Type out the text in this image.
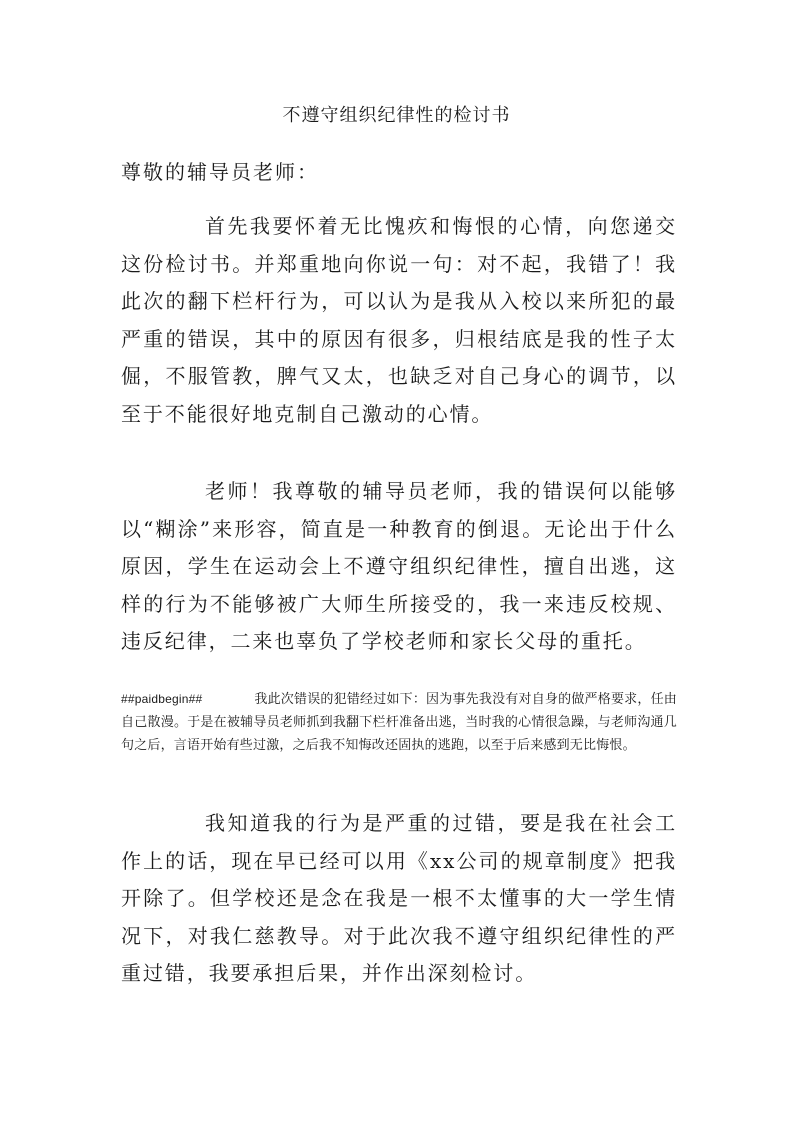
不遵守组织纪律性的检讨书
尊敬的辅导员老师：

首先我要怀着无比愧疚和悔恨的心情，向您递交这份检讨书。并郑重地向你说一句：对不起，我错了！我此次的翻下栏杆行为，可以认为是我从入校以来所犯的最严重的错误，其中的原因有很多，归根结底是我的性子太倔，不服管教，脾气又太，也缺乏对自己身心的调节，以至于不能很好地克制自己激动的心情。

老师！我尊敬的辅导员老师，我的错误何以能够以“糊涂”来形容，简直是一种教育的倒退。无论出于什么原因，学生在运动会上不遵守组织纪律性，擅自出逃，这样的行为不能够被广大师生所接受的，我一来违反校规、违反纪律，二来也辜负了学校老师和家长父母的重托。

##paidbegin##	我此次错误的犯错经过如下：因为事先我没有对自身的做严格要求，任由自己散漫。于是在被辅导员老师抓到我翻下栏杆准备出逃，当时我的心情很急躁，与老师沟通几句之后，言语开始有些过激，之后我不知悔改还固执的逃跑，以至于后来感到无比悔恨。

我知道我的行为是严重的过错，要是我在社会工作上的话，现在早已经可以用《xx公司的规章制度》把我开除了。但学校还是念在我是一根不太懂事的大一学生情况下，对我仁慈教导。对于此次我不遵守组织纪律性的严重过错，我要承担后果，并作出深刻检讨。
